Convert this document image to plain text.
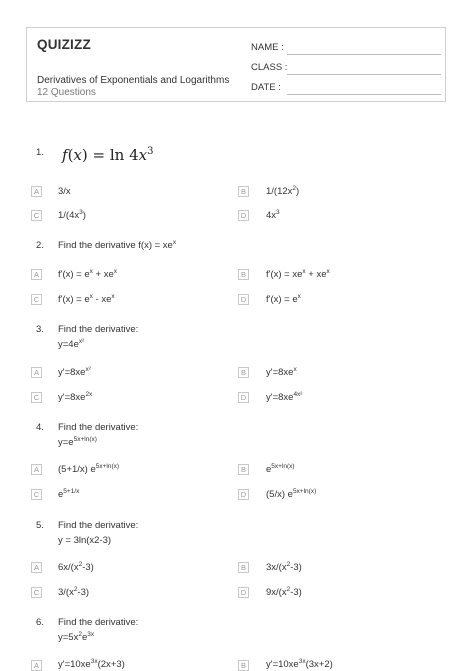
QUIZIZZ
Derivatives of Exponentials and Logarithms
12 Questions
NAME :
CLASS :
DATE :
1. $f(x) = \ln 4x^3$
A	3/x	B	$1/(12x^2)$
C $1/(4x^3)$	D $4x^3$
2. Find the derivative $f(x) = xe^x$
A	$f'(x) = e^x + xe^x$	B	$f'(x) = xe^x + xe^x$
C $f'(x) = e^x - xe^x$	D $f'(x) = e^x$
3. Find the derivative:
$y=4e^{x^2}$
A	$y'=8xe^{x^2}$	B	$y'=8xe^x$
C $y'=8xe^{2x}$	D $y'=8xe^{4x^2}$
4. Find the derivative:
$y=e^{5x+ln(x)}$
A	(5+1/x) $e^{5x+ln(x)}$	B	$e^{5x+ln(x)}$
C $e^{5+1/x}$	D (5/x) $e^{5x+ln(x)}$
5. Find the derivative:
y = 3ln(x2-3)
A	$6x/(x^2-3)$	B	$3x/(x^2-3)$
C $3/(x^2-3)$	D $9x/(x^2-3)$
6. Find the derivative:
$y=5x^2e^{3x}$
A	$y'=10xe^{3x}(2x+3)$	B	$y'=10xe^{3x}(3x+2)$
